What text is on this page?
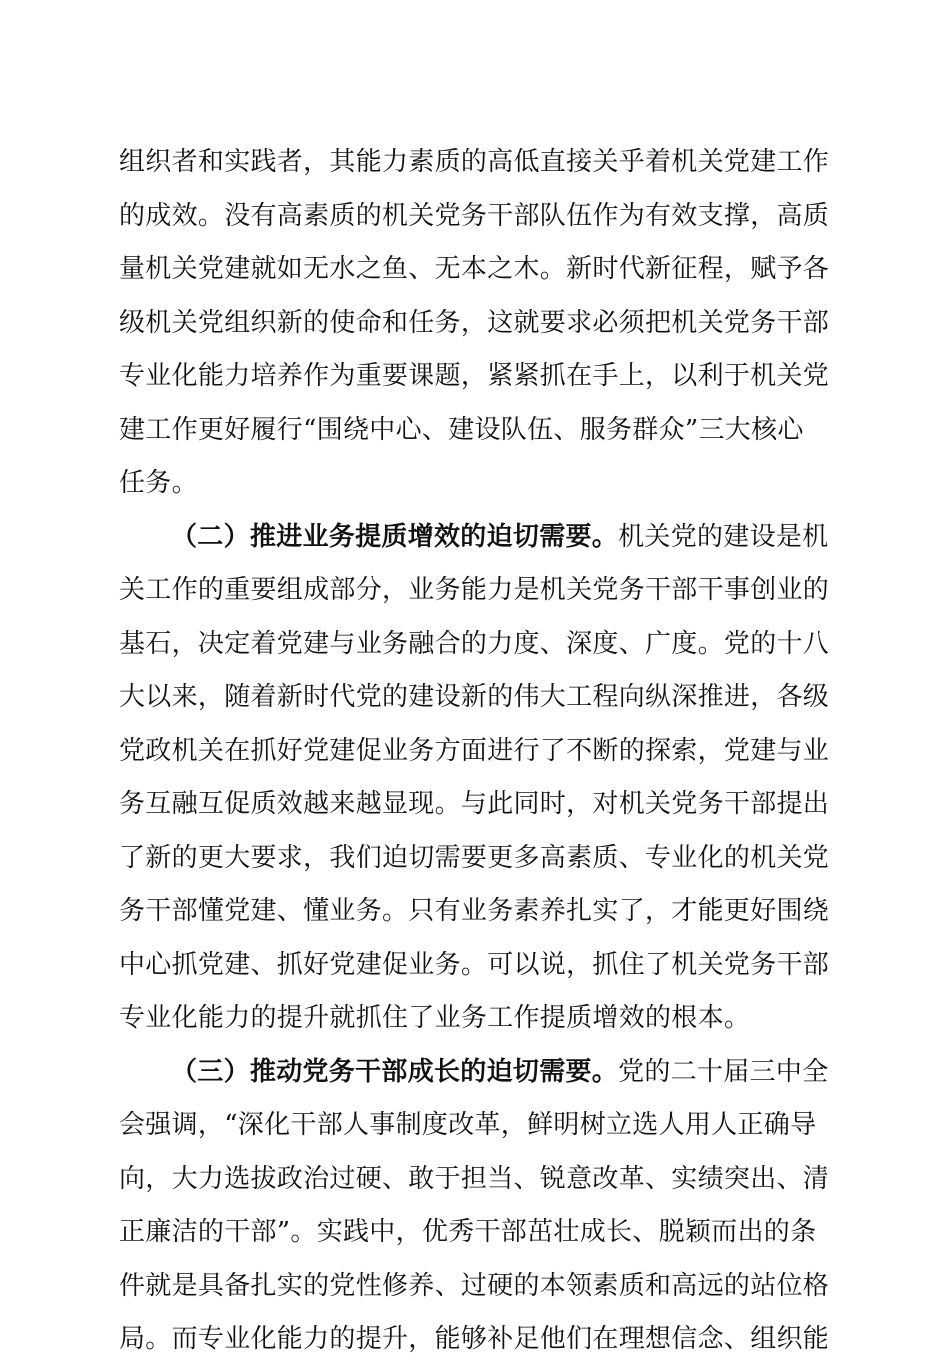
组织者和实践者，其能力素质的高低直接关乎着机关党建工作
的成效。没有高素质的机关党务干部队伍作为有效支撑，高质
量机关党建就如无水之鱼、无本之木。新时代新征程，赋予各
级机关党组织新的使命和任务，这就要求必须把机关党务干部
专业化能力培养作为重要课题，紧紧抓在手上，以利于机关党
建工作更好履行“围绕中心、建设队伍、服务群众”三大核心
任务。
（二）推进业务提质增效的迫切需要。机关党的建设是机
关工作的重要组成部分，业务能力是机关党务干部干事创业的
基石，决定着党建与业务融合的力度、深度、广度。党的十八
大以来，随着新时代党的建设新的伟大工程向纵深推进，各级
党政机关在抓好党建促业务方面进行了不断的探索，党建与业
务互融互促质效越来越显现。与此同时，对机关党务干部提出
了新的更大要求，我们迫切需要更多高素质、专业化的机关党
务干部懂党建、懂业务。只有业务素养扎实了，才能更好围绕
中心抓党建、抓好党建促业务。可以说，抓住了机关党务干部
专业化能力的提升就抓住了业务工作提质增效的根本。
（三）推动党务干部成长的迫切需要。党的二十届三中全
会强调，“深化干部人事制度改革，鲜明树立选人用人正确导
向，大力选拔政治过硬、敢于担当、锐意改革、实绩突出、清
正廉洁的干部”。实践中，优秀干部茁壮成长、脱颖而出的条
件就是具备扎实的党性修养、过硬的本领素质和高远的站位格
局。而专业化能力的提升，能够补足他们在理想信念、组织能
